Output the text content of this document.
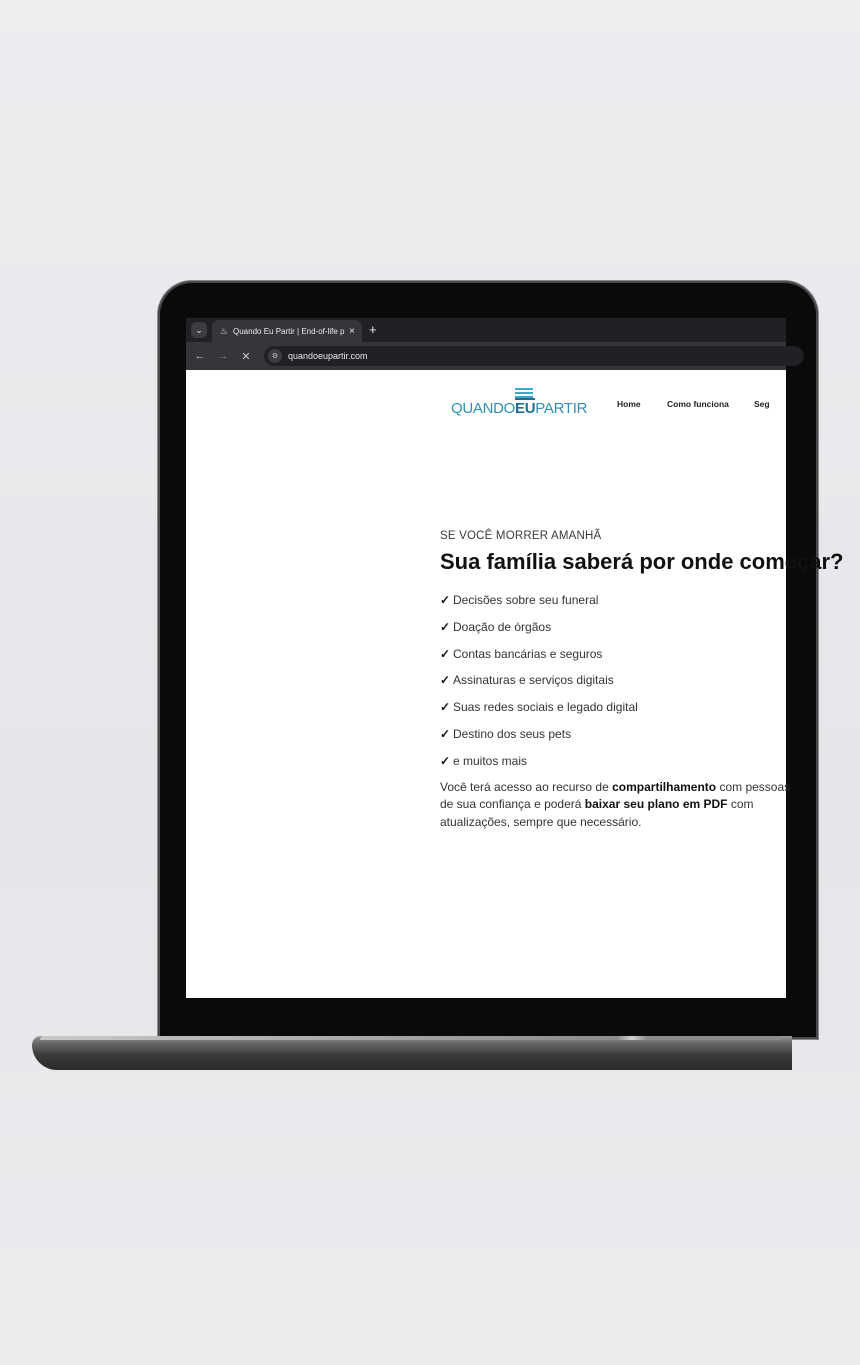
⌄	♨ Quando Eu Partir | End-of-life p × +
← →	✕	⚙	quandoeupartir.com
QUANDOEUPARTIR	Home	Como funciona	Seg
SE VOCÊ MORRER AMANHÃ
Sua família saberá por onde começar?
✓ Decisões sobre seu funeral
✓ Doação de órgãos
✓ Contas bancárias e seguros
✓ Assinaturas e serviços digitais
✓ Suas redes sociais e legado digital
✓ Destino dos seus pets
✓ e muitos mais

Você terá acesso ao recurso de compartilhamento com pessoas de sua confiança e poderá baixar seu plano em PDF com atualizações, sempre que necessário.
